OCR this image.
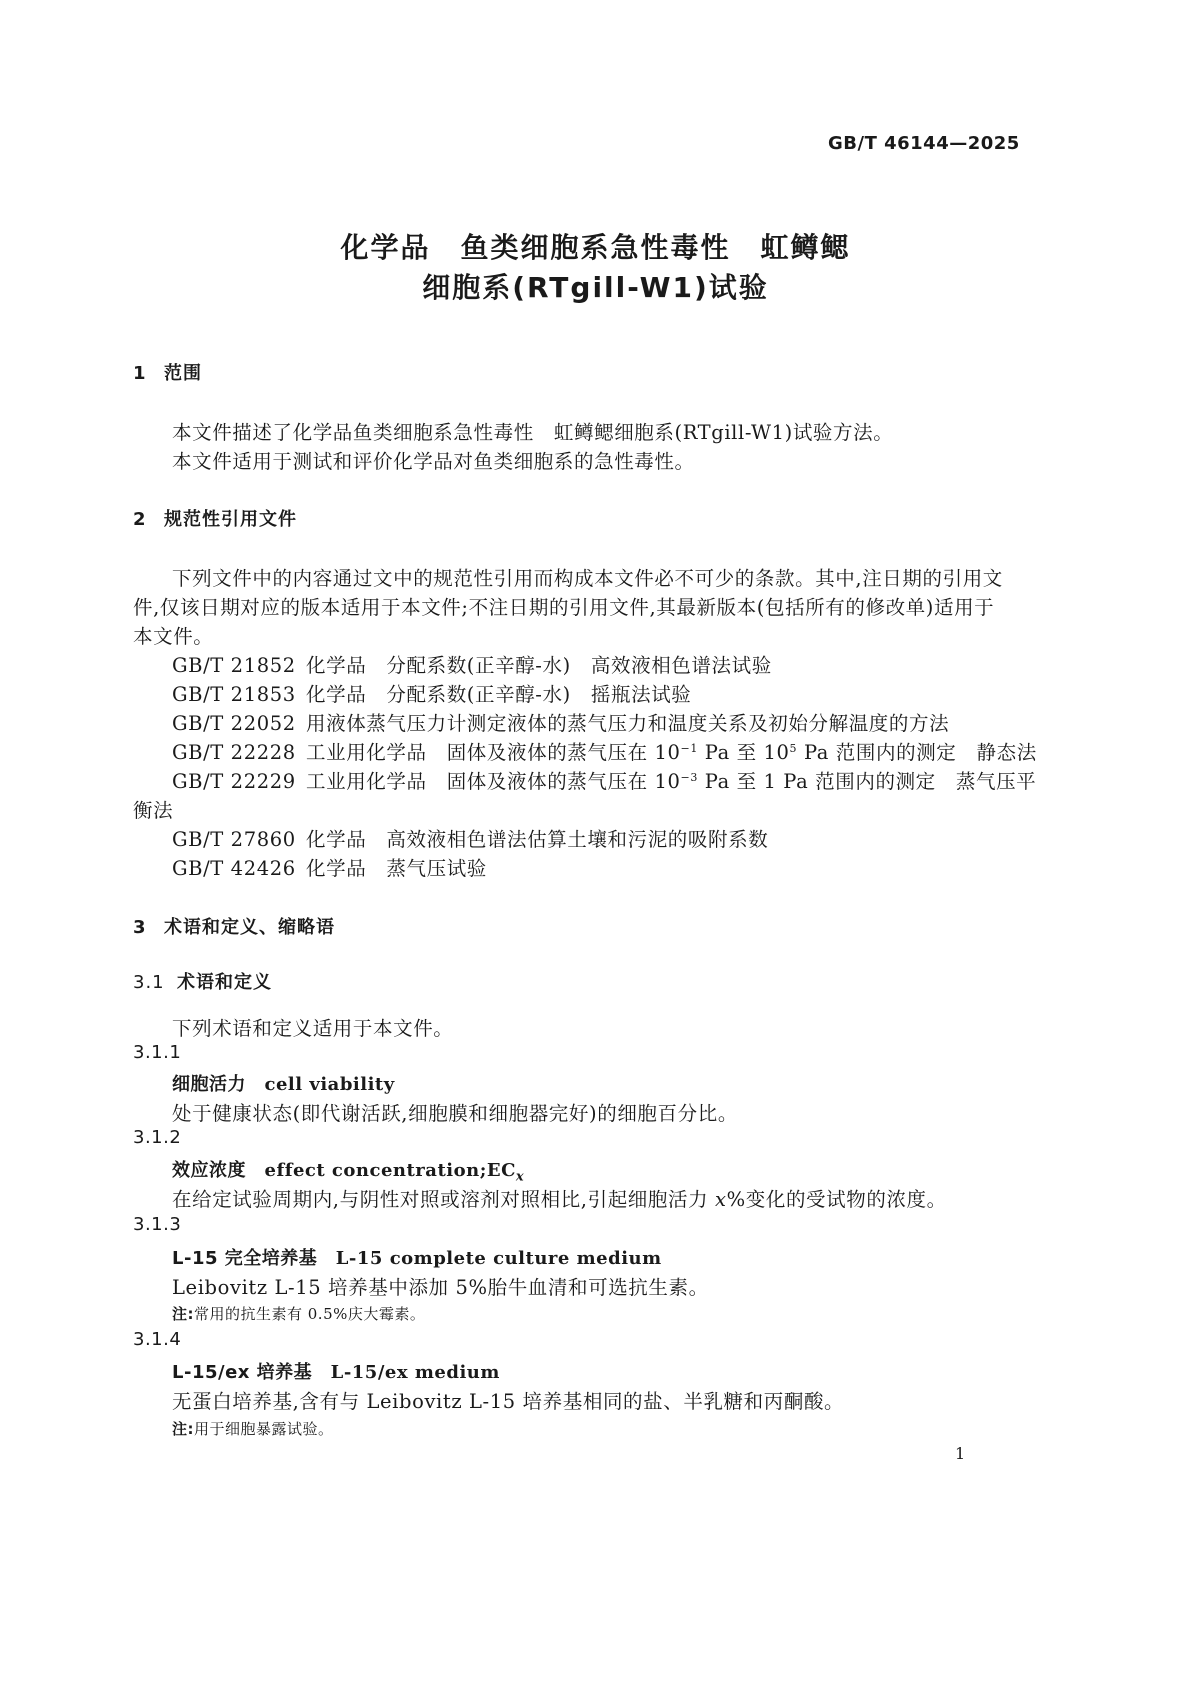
GB/T 46144—2025
化学品　鱼类细胞系急性毒性　虹鳟鳃
细胞系(RTgill-W1)试验
1 范围
本文件描述了化学品鱼类细胞系急性毒性　虹鳟鳃细胞系(RTgill-W1)试验方法。
本文件适用于测试和评价化学品对鱼类细胞系的急性毒性。
2 规范性引用文件
下列文件中的内容通过文中的规范性引用而构成本文件必不可少的条款。其中,注日期的引用文
件,仅该日期对应的版本适用于本文件;不注日期的引用文件,其最新版本(包括所有的修改单)适用于
本文件。
GB/T 21852 化学品　分配系数(正辛醇-水)　高效液相色谱法试验
GB/T 21853 化学品　分配系数(正辛醇-水)　摇瓶法试验
GB/T 22052 用液体蒸气压力计测定液体的蒸气压力和温度关系及初始分解温度的方法
GB/T 22228 工业用化学品　固体及液体的蒸气压在 $10^{-1}$ Pa 至 $10^5$ Pa 范围内的测定　静态法
GB/T 22229 工业用化学品　固体及液体的蒸气压在 $10^{-3}$ Pa 至 1 Pa 范围内的测定　蒸气压平
衡法
GB/T 27860 化学品　高效液相色谱法估算土壤和污泥的吸附系数
GB/T 42426 化学品　蒸气压试验
3 术语和定义、缩略语
3.1 术语和定义
下列术语和定义适用于本文件。
3.1.1
细胞活力　 cell viability
处于健康状态(即代谢活跃,细胞膜和细胞器完好)的细胞百分比。
3.1.2
效应浓度　 effect $concentration;EC_x$
在给定试验周期内,与阴性对照或溶剂对照相比,引起细胞活力 x%变化的受试物的浓度。
3.1.3
L-15 完全培养基　 L-15 complete culture medium
Leibovitz L-15 培养基中添加 5%胎牛血清和可选抗生素。
注:常用的抗生素有 0.5%庆大霉素。
3.1.4
L-15/ex 培养基　 L-15/ex medium
无蛋白培养基,含有与 Leibovitz L-15 培养基相同的盐、半乳糖和丙酮酸。
注:用于细胞暴露试验。
1
